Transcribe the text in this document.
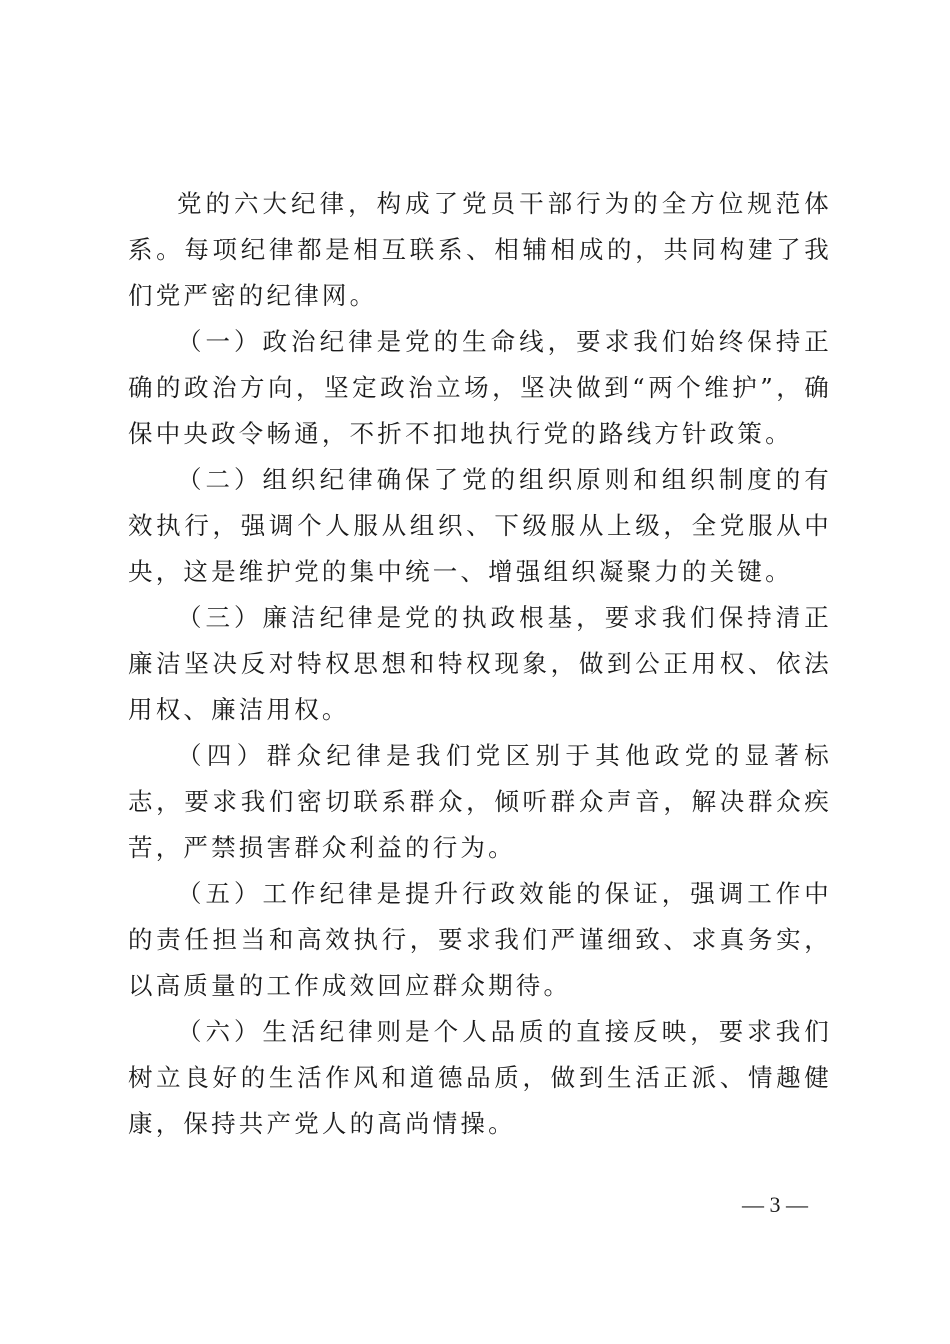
党的六大纪律，构成了党员干部行为的全方位规范体系。每项纪律都是相互联系、相辅相成的，共同构建了我们党严密的纪律网。

（一）政治纪律是党的生命线，要求我们始终保持正确的政治方向，坚定政治立场，坚决做到“两个维护”，确保中央政令畅通，不折不扣地执行党的路线方针政策。

（二）组织纪律确保了党的组织原则和组织制度的有效执行，强调个人服从组织、下级服从上级，全党服从中央，这是维护党的集中统一、增强组织凝聚力的关键。

（三）廉洁纪律是党的执政根基，要求我们保持清正廉洁坚决反对特权思想和特权现象，做到公正用权、依法用权、廉洁用权。

（四）群众纪律是我们党区别于其他政党的显著标志，要求我们密切联系群众，倾听群众声音，解决群众疾苦，严禁损害群众利益的行为。

（五）工作纪律是提升行政效能的保证，强调工作中的责任担当和高效执行，要求我们严谨细致、求真务实，以高质量的工作成效回应群众期待。

（六）生活纪律则是个人品质的直接反映，要求我们树立良好的生活作风和道德品质，做到生活正派、情趣健康，保持共产党人的高尚情操。

— 3 —
